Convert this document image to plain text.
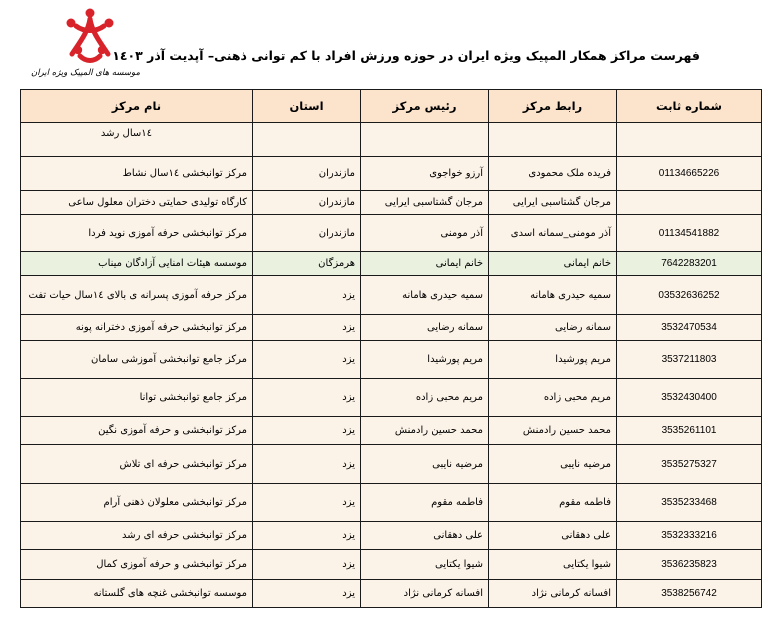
موسسه هاى المپيک ويژه ايران
فهرست مراكز همكار المپيک ويژه ايران در حوزه ورزش افراد با كم توانى ذهنى– آپديت آذر ١٤٠٣
شماره ثابت	رابط مركز	رئيس مركز	استان	نام مركز
				١٤سال رشد
01134665226	فريده ملک محمودى	آرزو خواجوى	مازندران	مركز توانبخشى ١٤سال نشاط
	مرجان گشتاسبى ايرايى	مرجان گشتاسبى ايرايى	مازندران	كارگاه توليدى حمايتى دختران معلول ساعى
01134541882	آذر مومنى_سمانه اسدى	آذر مومنى	مازندران	مركز توانبخشى حرفه آموزى نويد فردا
7642283201	خانم ايمانى	خانم ايمانى	هرمزگان	موسسه هيئات امنايى آزادگان ميناب
03532636252	سميه حيدرى هامانه	سميه حيدرى هامانه	يزد	مركز حرفه آموزى پسرانه ى بالاى ١٤سال حيات تفت
3532470534	سمانه رضايى	سمانه رضايى	يزد	مركز توانبخشى حرفه آموزى دخترانه پونه
3537211803	مريم پورشيدا	مريم پورشيدا	يزد	مركز جامع توانبخشى آموزشى سامان
3532430400	مريم محبى زاده	مريم محبى زاده	يزد	مركز جامع توانبخشى توانا
3535261101	محمد حسين رادمنش	محمد حسين رادمنش	يزد	مركز توانبخشى و حرفه آموزى نگين
3535275327	مرضيه نايبى	مرضيه نايبى	يزد	مركز توانبخشى حرفه اى تلاش
3535233468	فاطمه مقوم	فاطمه مقوم	يزد	مركز توانبخشى معلولان ذهنى آرام
3532333216	على دهقانى	على دهقانى	يزد	مركز توانبخشى حرفه اى رشد
3536235823	شيوا يكتايى	شيوا يكتايى	يزد	مركز توانبخشى و حرفه آموزى كمال
3538256742	افسانه كرمانى نژاد	افسانه كرمانى نژاد	يزد	موسسه توانبخشى غنچه هاى گلستانه
